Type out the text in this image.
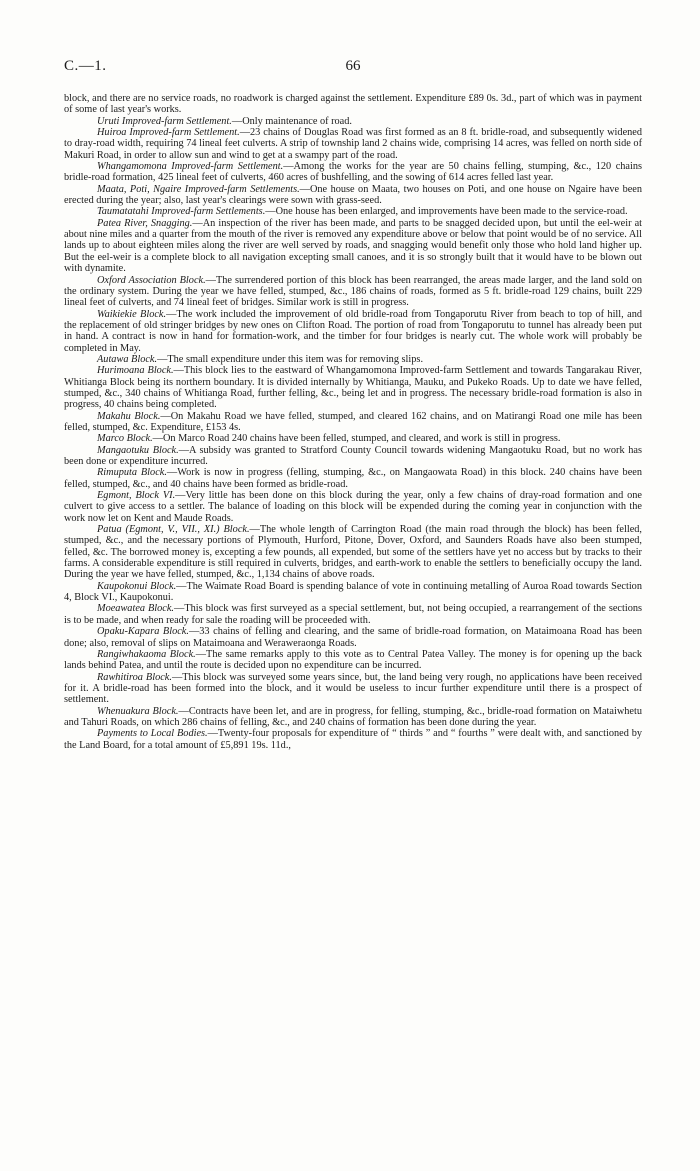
C.—1.	66

block, and there are no service roads, no roadwork is charged against the settlement. Expenditure £89 0s. 3d., part of which was in payment of some of last year's works.

Uruti Improved-farm Settlement.—Only maintenance of road.

Huiroa Improved-farm Settlement.—23 chains of Douglas Road was first formed as an 8 ft. bridle-road, and subsequently widened to dray-road width, requiring 74 lineal feet culverts. A strip of township land 2 chains wide, comprising 14 acres, was felled on north side of Makuri Road, in order to allow sun and wind to get at a swampy part of the road.

Whangamomona Improved-farm Settlement.—Among the works for the year are 50 chains felling, stumping, &c., 120 chains bridle-road formation, 425 lineal feet of culverts, 460 acres of bushfelling, and the sowing of 614 acres felled last year.

Maata, Poti, Ngaire Improved-farm Settlements.—One house on Maata, two houses on Poti, and one house on Ngaire have been erected during the year; also, last year's clearings were sown with grass-seed.

Taumatatahi Improved-farm Settlements.—One house has been enlarged, and improvements have been made to the service-road.

Patea River, Snagging.—An inspection of the river has been made, and parts to be snagged decided upon, but until the eel-weir at about nine miles and a quarter from the mouth of the river is removed any expenditure above or below that point would be of no service. All lands up to about eighteen miles along the river are well served by roads, and snagging would benefit only those who hold land higher up. But the eel-weir is a complete block to all navigation excepting small canoes, and it is so strongly built that it would have to be blown out with dynamite.

Oxford Association Block.—The surrendered portion of this block has been rearranged, the areas made larger, and the land sold on the ordinary system. During the year we have felled, stumped, &c., 186 chains of roads, formed as 5 ft. bridle-road 129 chains, built 229 lineal feet of culverts, and 74 lineal feet of bridges. Similar work is still in progress.

Waikiekie Block.—The work included the improvement of old bridle-road from Tongaporutu River from beach to top of hill, and the replacement of old stringer bridges by new ones on Clifton Road. The portion of road from Tongaporutu to tunnel has already been put in hand. A contract is now in hand for formation-work, and the timber for four bridges is nearly cut. The whole work will probably be completed in May.

Autawa Block.—The small expenditure under this item was for removing slips.

Hurimoana Block.—This block lies to the eastward of Whangamomona Improved-farm Settlement and towards Tangarakau River, Whitianga Block being its northern boundary. It is divided internally by Whitianga, Mauku, and Pukeko Roads. Up to date we have felled, stumped, &c., 340 chains of Whitianga Road, further felling, &c., being let and in progress. The necessary bridle-road formation is also in progress, 40 chains being completed.

Makahu Block.—On Makahu Road we have felled, stumped, and cleared 162 chains, and on Matirangi Road one mile has been felled, stumped, &c. Expenditure, £153 4s.

Marco Block.—On Marco Road 240 chains have been felled, stumped, and cleared, and work is still in progress.

Mangaotuku Block.—A subsidy was granted to Stratford County Council towards widening Mangaotuku Road, but no work has been done or expenditure incurred.

Rimuputa Block.—Work is now in progress (felling, stumping, &c., on Mangaowata Road) in this block. 240 chains have been felled, stumped, &c., and 40 chains have been formed as bridle-road.

Egmont, Block VI.—Very little has been done on this block during the year, only a few chains of dray-road formation and one culvert to give access to a settler. The balance of loading on this block will be expended during the coming year in conjunction with the work now let on Kent and Maude Roads.

Patua (Egmont, V., VII., XI.) Block.—The whole length of Carrington Road (the main road through the block) has been felled, stumped, &c., and the necessary portions of Plymouth, Hurford, Pitone, Dover, Oxford, and Saunders Roads have also been stumped, felled, &c. The borrowed money is, excepting a few pounds, all expended, but some of the settlers have yet no access but by tracks to their farms. A considerable expenditure is still required in culverts, bridges, and earth-work to enable the settlers to beneficially occupy the land. During the year we have felled, stumped, &c., 1,134 chains of above roads.

Kaupokonui Block.—The Waimate Road Board is spending balance of vote in continuing metalling of Auroa Road towards Section 4, Block VI., Kaupokonui.

Moeawatea Block.—This block was first surveyed as a special settlement, but, not being occupied, a rearrangement of the sections is to be made, and when ready for sale the roading will be proceeded with.

Opaku-Kapara Block.—33 chains of felling and clearing, and the same of bridle-road formation, on Mataimoana Road has been done; also, removal of slips on Mataimoana and Weraweraonga Roads.

Rangiwhakaoma Block.—The same remarks apply to this vote as to Central Patea Valley. The money is for opening up the back lands behind Patea, and until the route is decided upon no expenditure can be incurred.

Rawhitiroa Block.—This block was surveyed some years since, but, the land being very rough, no applications have been received for it. A bridle-road has been formed into the block, and it would be useless to incur further expenditure until there is a prospect of settlement.

Whenuakura Block.—Contracts have been let, and are in progress, for felling, stumping, &c., bridle-road formation on Mataiwhetu and Tahuri Roads, on which 286 chains of felling, &c., and 240 chains of formation has been done during the year.

Payments to Local Bodies.—Twenty-four proposals for expenditure of “ thirds ” and “ fourths ” were dealt with, and sanctioned by the Land Board, for a total amount of £5,891 19s. 11d.,
